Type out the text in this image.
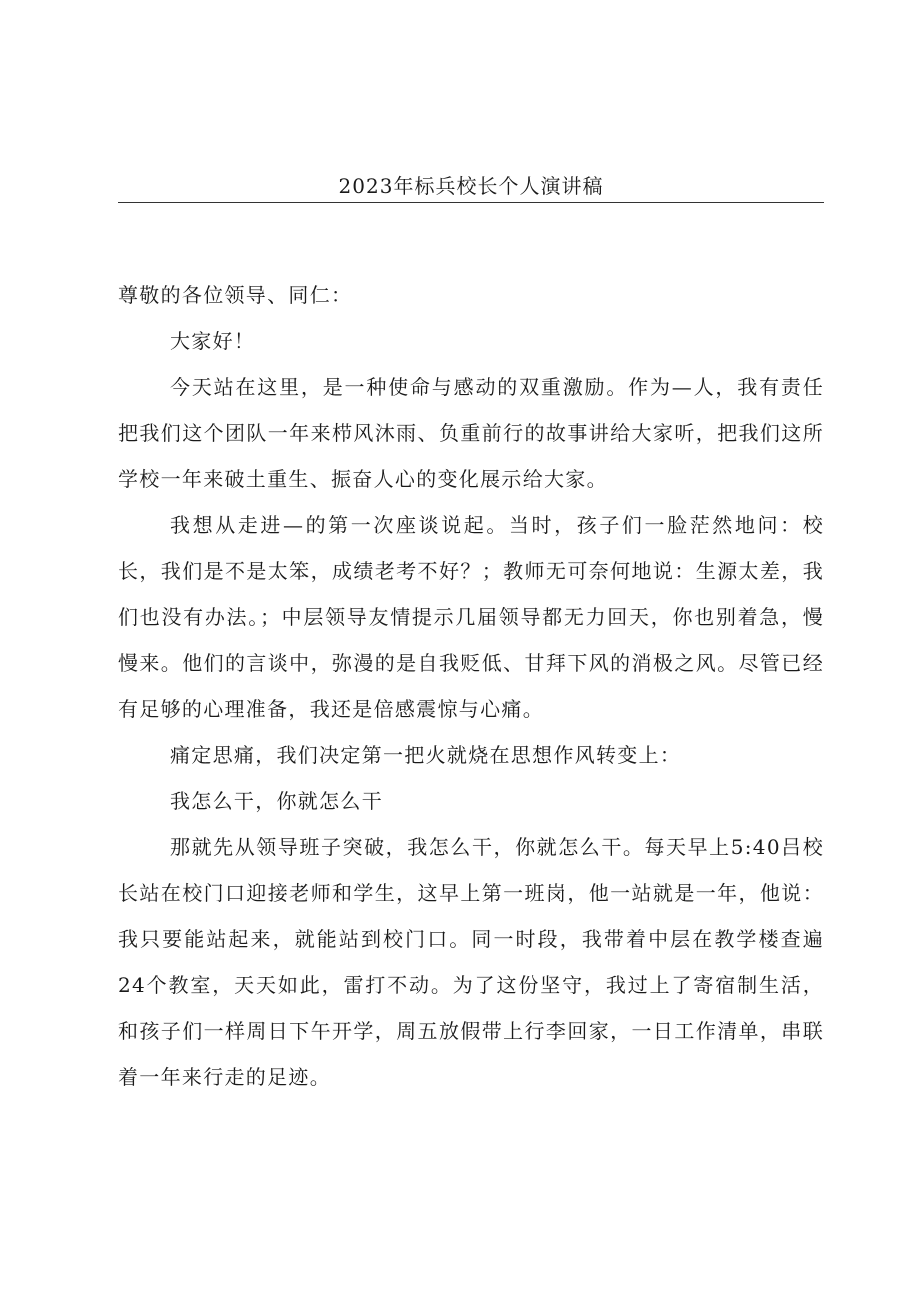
2023年标兵校长个人演讲稿

尊敬的各位领导、同仁：

大家好！

今天站在这里，是一种使命与感动的双重激励。作为—人，我有责任把我们这个团队一年来栉风沐雨、负重前行的故事讲给大家听，把我们这所学校一年来破土重生、振奋人心的变化展示给大家。

我想从走进—的第一次座谈说起。当时，孩子们一脸茫然地问：校长，我们是不是太笨，成绩老考不好？；教师无可奈何地说：生源太差，我们也没有办法。；中层领导友情提示几届领导都无力回天，你也别着急，慢慢来。他们的言谈中，弥漫的是自我贬低、甘拜下风的消极之风。尽管已经有足够的心理准备，我还是倍感震惊与心痛。

痛定思痛，我们决定第一把火就烧在思想作风转变上：

我怎么干，你就怎么干

那就先从领导班子突破，我怎么干，你就怎么干。每天早上5:40吕校长站在校门口迎接老师和学生，这早上第一班岗，他一站就是一年，他说：我只要能站起来，就能站到校门口。同一时段，我带着中层在教学楼查遍24个教室，天天如此，雷打不动。为了这份坚守，我过上了寄宿制生活，和孩子们一样周日下午开学，周五放假带上行李回家，一日工作清单，串联着一年来行走的足迹。
